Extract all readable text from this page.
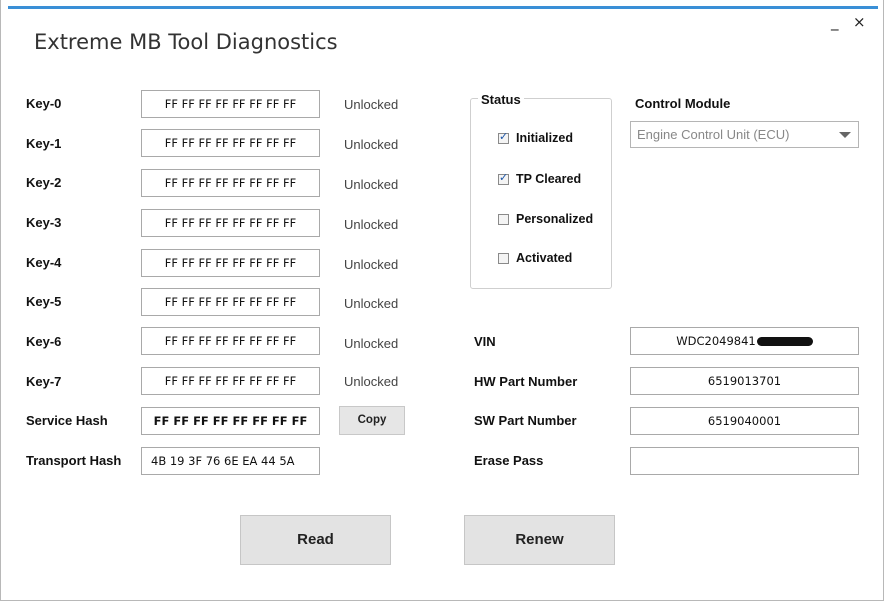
Extreme MB Tool Diagnostics
_ ×
Key-0	FF FF FF FF FF FF FF FF	Unlocked
Key-1	FF FF FF FF FF FF FF FF	Unlocked
Key-2	FF FF FF FF FF FF FF FF	Unlocked
Key-3	FF FF FF FF FF FF FF FF	Unlocked
Key-4	FF FF FF FF FF FF FF FF	Unlocked
Key-5	FF FF FF FF FF FF FF FF	Unlocked
Key-6	FF FF FF FF FF FF FF FF	Unlocked
Key-7	FF FF FF FF FF FF FF FF	Unlocked
Service Hash	FF FF FF FF FF FF FF FF	Copy
Transport Hash	4B 19 3F 76 6E EA 44 5A
Status
✓
Initialized
✓
TP Cleared
Personalized
Activated
Control Module
Engine Control Unit (ECU)
VIN	WDC2049841
HW Part Number	6519013701
SW Part Number	6519040001
Erase Pass
Read	Renew
